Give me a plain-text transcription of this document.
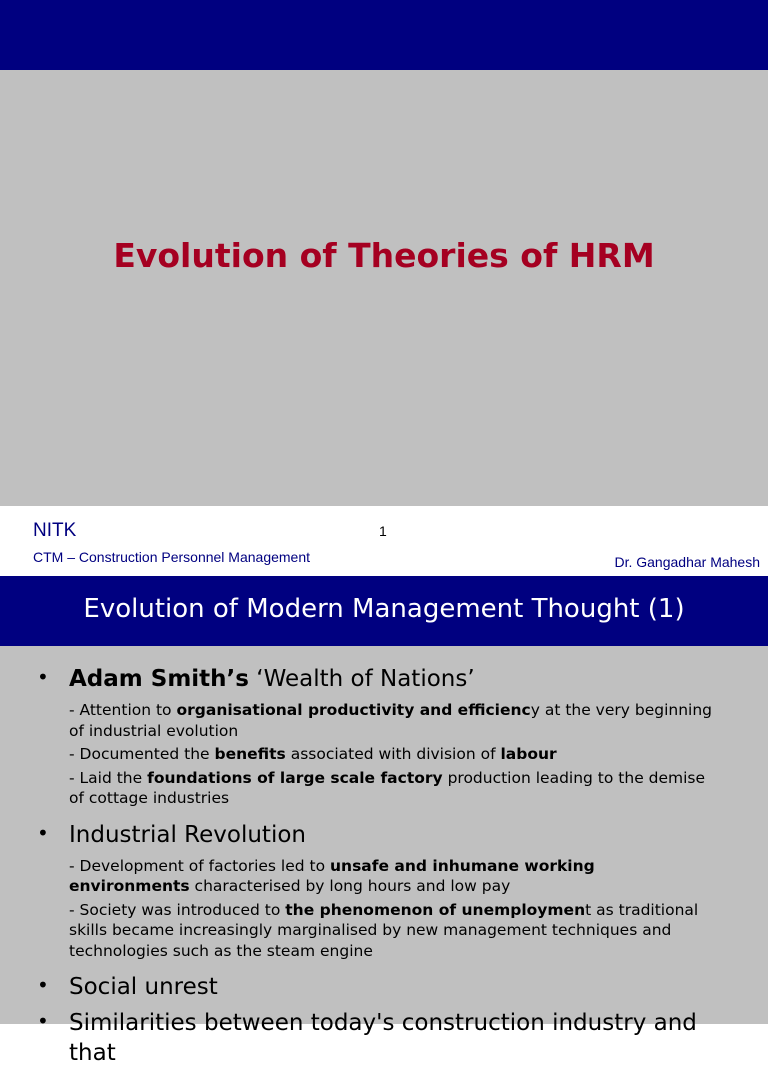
Evolution of Theories of HRM
NITK
CTM – Construction Personnel Management
1
Dr. Gangadhar Mahesh
Evolution of Modern Management Thought (1)
• Adam Smith’s ‘Wealth of Nations’
- Attention to organisational productivity and efficiency at the very beginning of industrial evolution
- Documented the benefits associated with division of labour
- Laid the foundations of large scale factory production leading to the demise of cottage industries
• Industrial Revolution
- Development of factories led to unsafe and inhumane working environments characterised by long hours and low pay
- Society was introduced to the phenomenon of unemployment as traditional skills became increasingly marginalised by new management techniques and technologies such as the steam engine
• Social unrest
• Similarities between today's construction industry and that
